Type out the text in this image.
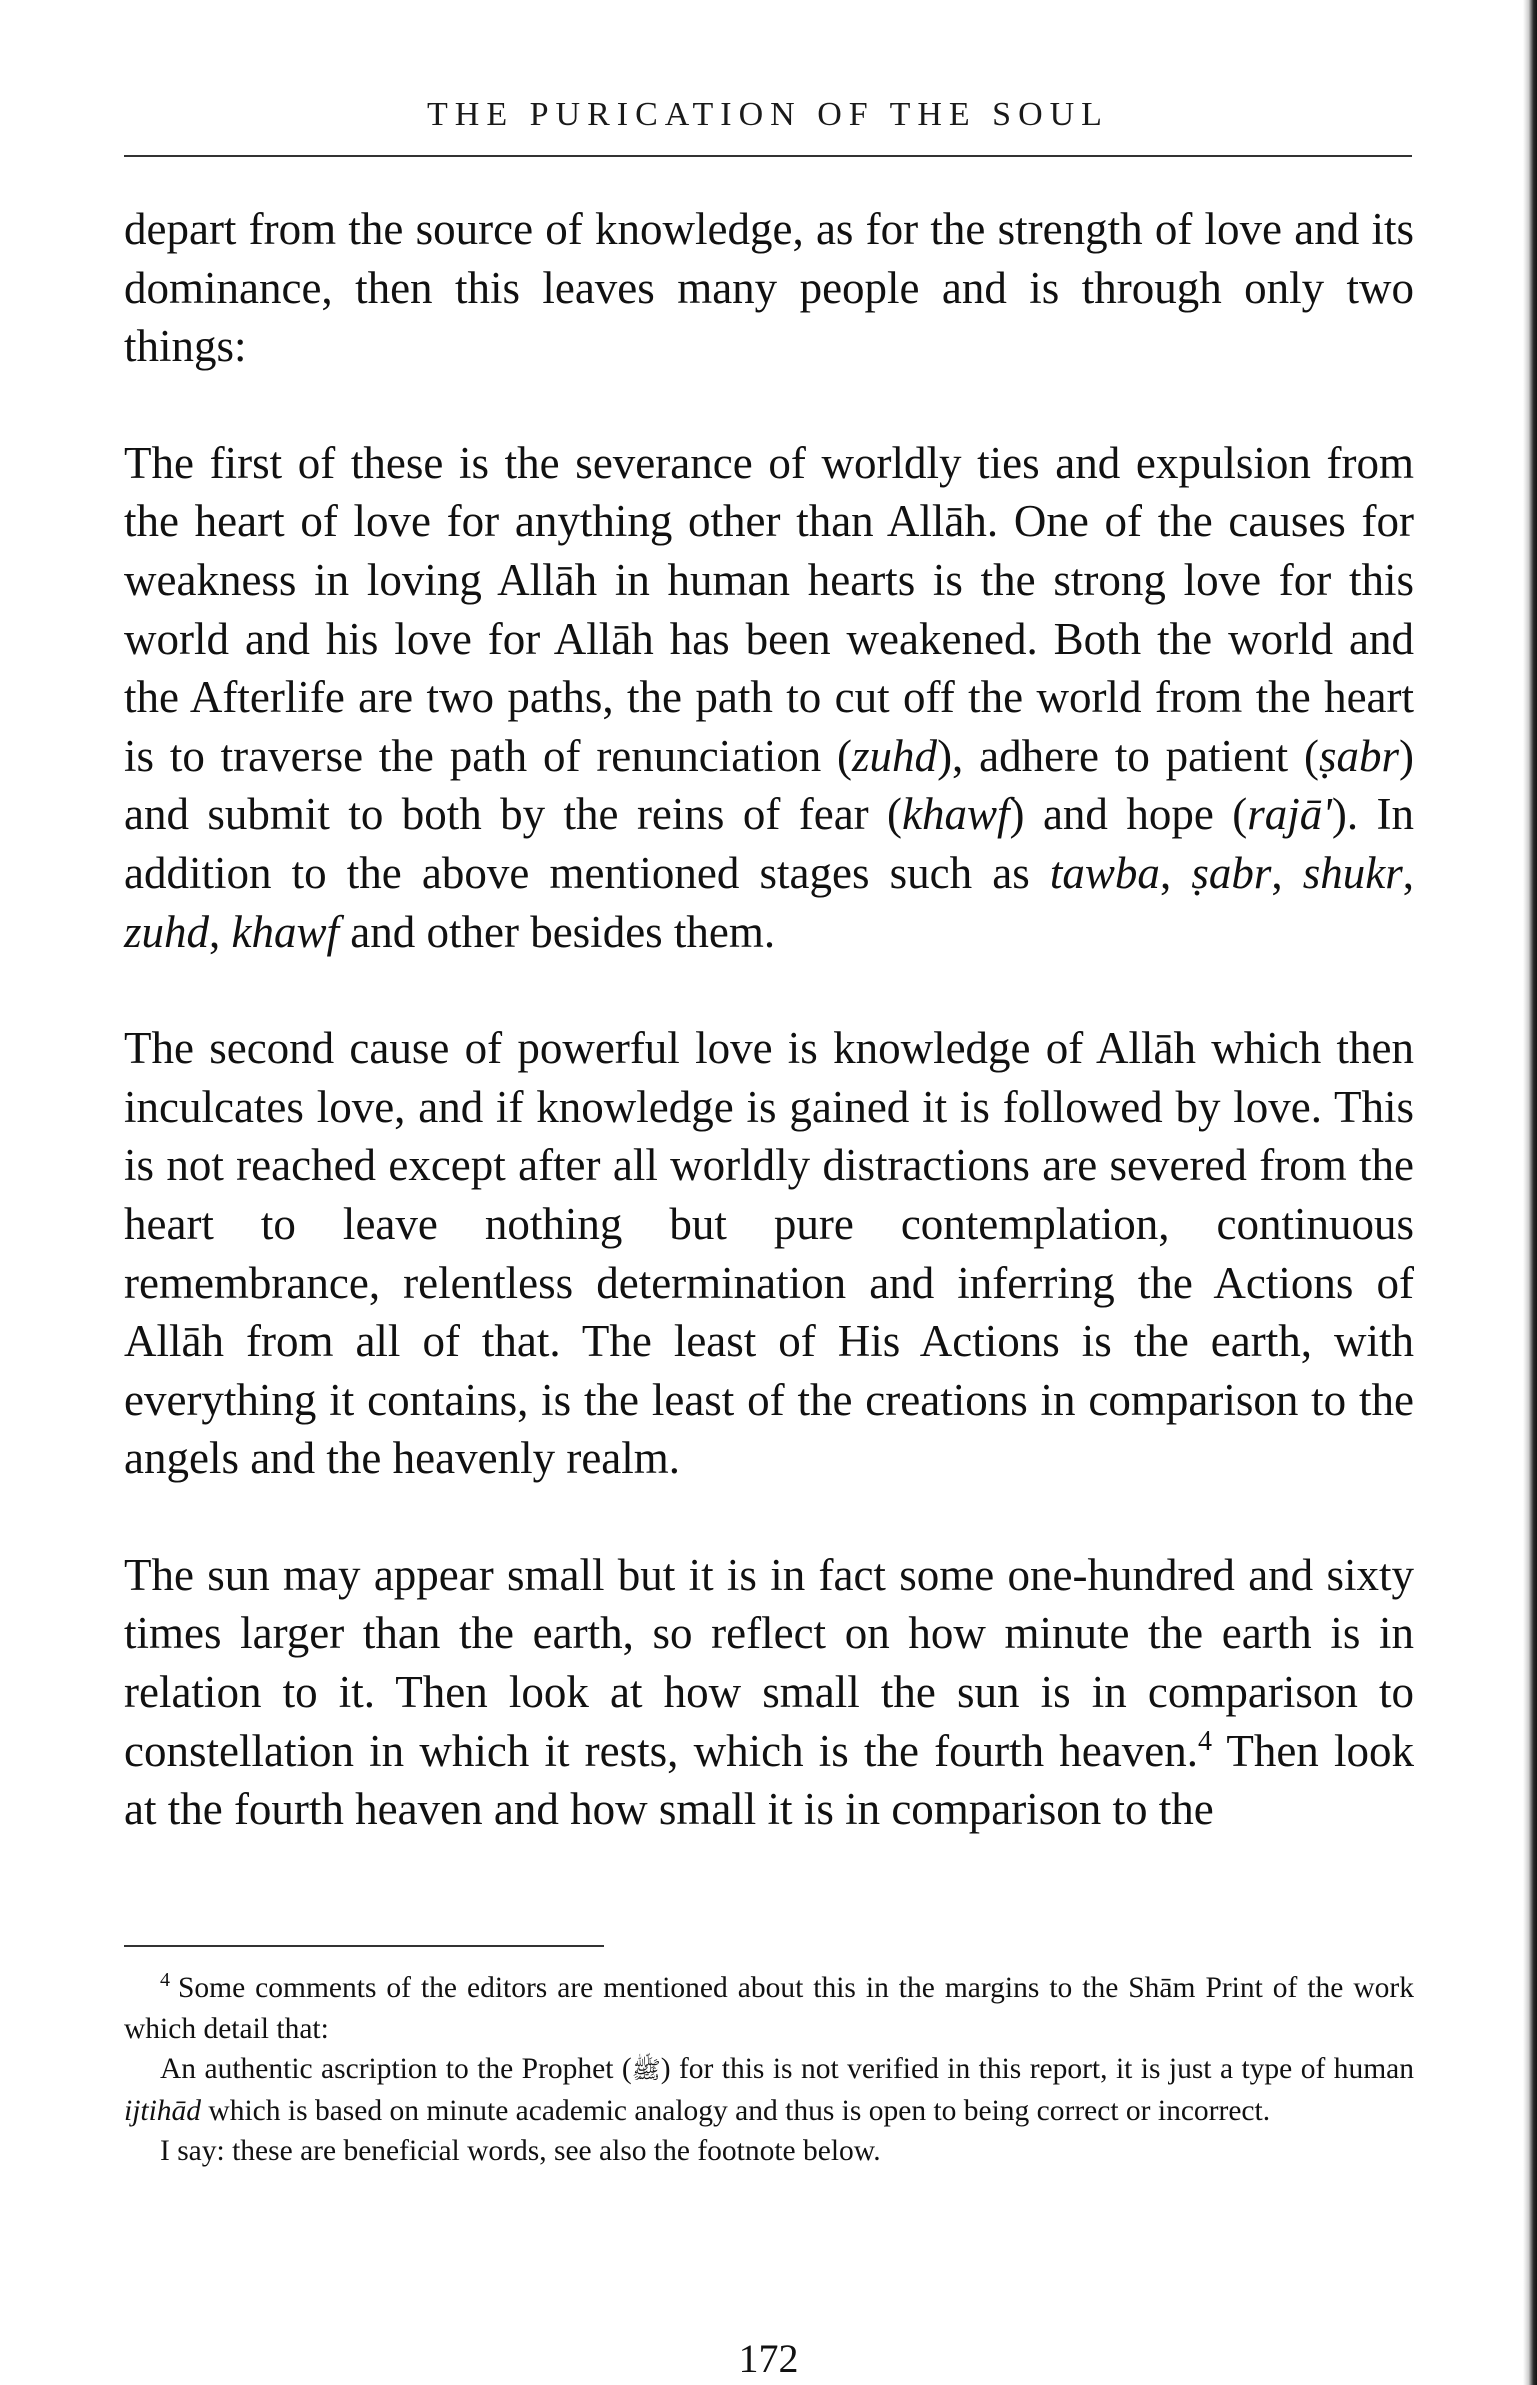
THE PURICATION OF THE SOUL

depart from the source of knowledge, as for the strength of love and its dominance, then this leaves many people and is through only two things:

The first of these is the severance of worldly ties and expulsion from the heart of love for anything other than Allāh. One of the causes for weakness in loving Allāh in human hearts is the strong love for this world and his love for Allāh has been weakened. Both the world and the Afterlife are two paths, the path to cut off the world from the heart is to traverse the path of renunciation (zuhd), adhere to patient (ṣabr) and submit to both by the reins of fear (khawf) and hope (rajā'). In addition to the above mentioned stages such as tawba, ṣabr, shukr, zuhd, khawf and other besides them.

The second cause of powerful love is knowledge of Allāh which then inculcates love, and if knowledge is gained it is followed by love. This is not reached except after all worldly distractions are severed from the heart to leave nothing but pure contemplation, continuous remembrance, relentless determination and inferring the Actions of Allāh from all of that. The least of His Actions is the earth, with everything it contains, is the least of the creations in comparison to the angels and the heavenly realm.

The sun may appear small but it is in fact some one-hundred and sixty times larger than the earth, so reflect on how minute the earth is in relation to it. Then look at how small the sun is in comparison to constellation in which it rests, which is the fourth heaven.$^4$ Then look at the fourth heaven and how small it is in comparison to the

$^4$ Some comments of the editors are mentioned about this in the margins to the Shām Print of the work which detail that:

An authentic ascription to the Prophet (ﷺ) for this is not verified in this report, it is just a type of human ijtihād which is based on minute academic analogy and thus is open to being correct or incorrect.

I say: these are beneficial words, see also the footnote below.

172
